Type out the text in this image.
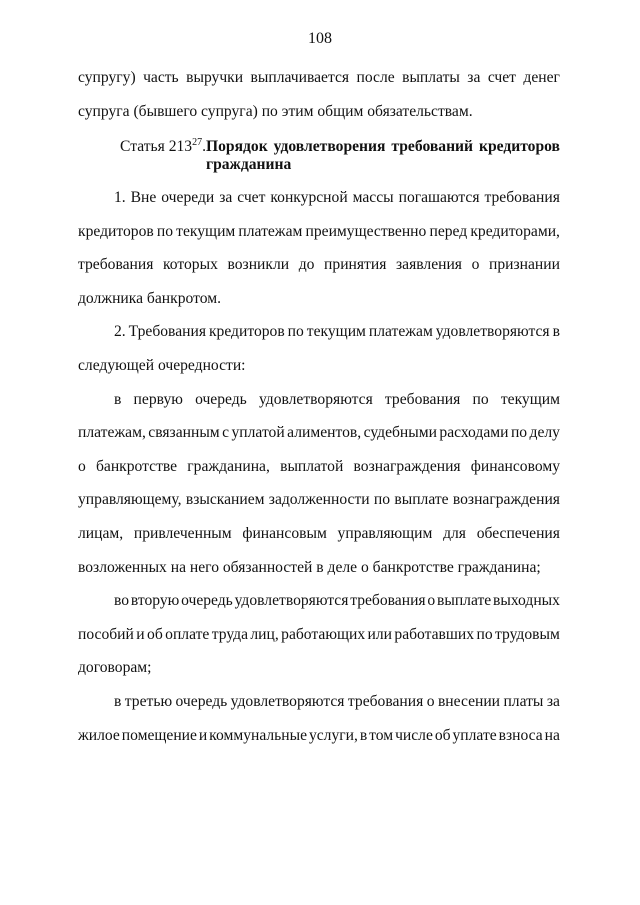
108
супругу) часть выручки выплачивается после выплаты за счет денег
супруга (бывшего супруга) по этим общим обязательствам.
Статья $213^{27}$. Порядок удовлетворения требований кредиторов
гражданина
1. Вне очереди за счет конкурсной массы погашаются требования
кредиторов по текущим платежам преимущественно перед кредиторами,
требования которых возникли до принятия заявления о признании
должника банкротом.
2. Требования кредиторов по текущим платежам удовлетворяются в
следующей очередности:
в первую очередь удовлетворяются требования по текущим
платежам, связанным с уплатой алиментов, судебными расходами по делу
о банкротстве гражданина, выплатой вознаграждения финансовому
управляющему, взысканием задолженности по выплате вознаграждения
лицам, привлеченным финансовым управляющим для обеспечения
возложенных на него обязанностей в деле о банкротстве гражданина;
во вторую очередь удовлетворяются требования о выплате выходных
пособий и об оплате труда лиц, работающих или работавших по трудовым
договорам;
в третью очередь удовлетворяются требования о внесении платы за
жилое помещение и коммунальные услуги, в том числе об уплате взноса на
